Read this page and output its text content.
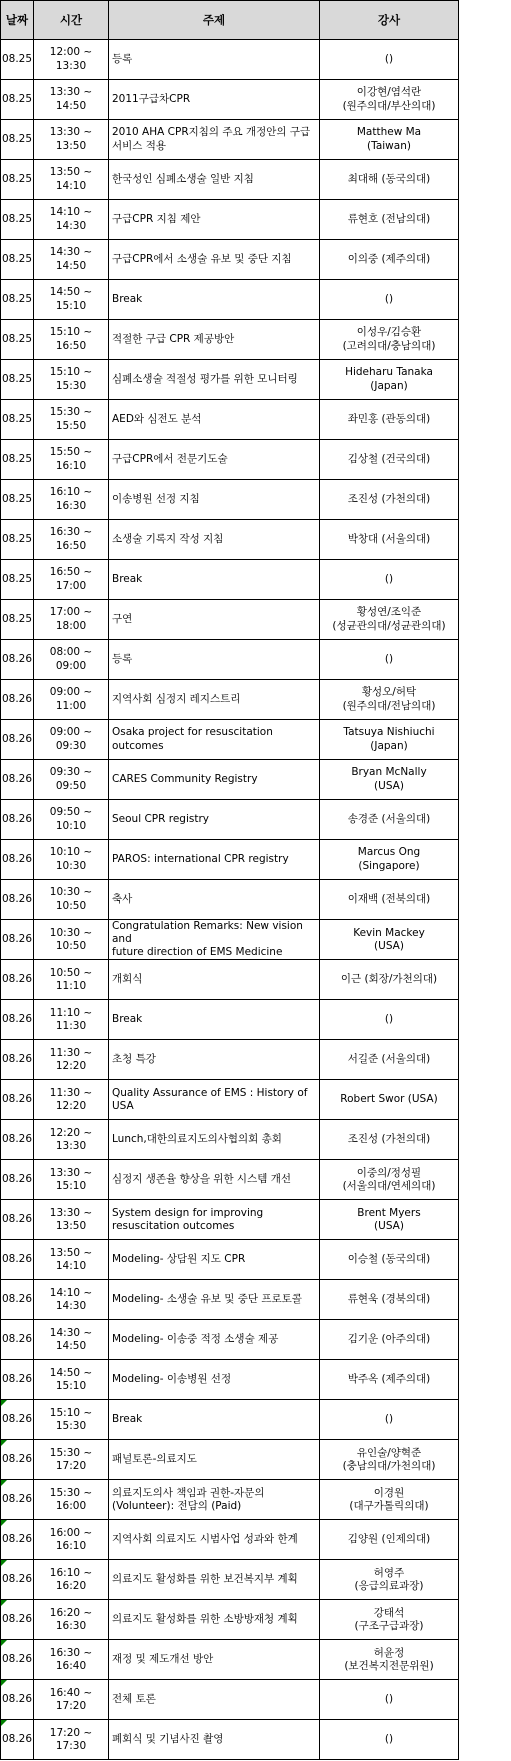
날짜	시간	주제	강사
08.25	12:00 ~ 13:30	등록	()
08.25	13:30 ~ 14:50	2011구급차CPR	이강현/염석란
(원주의대/부산의대)
08.25	13:30 ~ 13:50	2010 AHA CPR지침의 주요 개정안의 구급
서비스 적용	Matthew Ma
(Taiwan)
08.25	13:50 ~ 14:10	한국성인 심폐소생술 일반 지침	최대해 (동국의대)
08.25	14:10 ~ 14:30	구급CPR 지침 제안	류현호 (전남의대)
08.25	14:30 ~ 14:50	구급CPR에서 소생술 유보 및 중단 지침	이의중 (제주의대)
08.25	14:50 ~ 15:10	Break	()
08.25	15:10 ~ 16:50	적절한 구급 CPR 제공방안	이성우/김승환
(고려의대/충남의대)
08.25	15:10 ~ 15:30	심폐소생술 적절성 평가를 위한 모니터링	Hideharu Tanaka
(Japan)
08.25	15:30 ~ 15:50	AED와 심전도 분석	좌민홍 (관동의대)
08.25	15:50 ~ 16:10	구급CPR에서 전문기도술	김상철 (건국의대)
08.25	16:10 ~ 16:30	이송병원 선정 지침	조진성 (가천의대)
08.25	16:30 ~ 16:50	소생술 기록지 작성 지침	박창대 (서울의대)
08.25	16:50 ~ 17:00	Break	()
08.25	17:00 ~ 18:00	구연	황성연/조익준
(성균관의대/성균관의대)
08.26	08:00 ~ 09:00	등록	()
08.26	09:00 ~ 11:00	지역사회 심정지 레지스트리	황성오/허탁
(원주의대/전남의대)
08.26	09:00 ~ 09:30	Osaka project for resuscitation outcomes	Tatsuya Nishiuchi
(Japan)
08.26	09:30 ~ 09:50	CARES Community Registry	Bryan McNally
(USA)
08.26	09:50 ~ 10:10	Seoul CPR registry	송경준 (서울의대)
08.26	10:10 ~ 10:30	PAROS: international CPR registry	Marcus Ong
(Singapore)
08.26	10:30 ~ 10:50	축사	이재백 (전북의대)
08.26	10:30 ~ 10:50	Congratulation Remarks: New vision and
future direction of EMS Medicine	Kevin Mackey
(USA)
08.26	10:50 ~ 11:10	개회식	이근 (회장/가천의대)
08.26	11:10 ~ 11:30	Break	()
08.26	11:30 ~ 12:20	초청 특강	서길준 (서울의대)
08.26	11:30 ~ 12:20	Quality Assurance of EMS : History of
USA	Robert Swor (USA)
08.26	12:20 ~ 13:30	Lunch,대한의료지도의사협의회 총회	조진성 (가천의대)
08.26	13:30 ~ 15:10	심정지 생존율 향상을 위한 시스템 개선	이중의/정성필
(서울의대/연세의대)
08.26	13:30 ~ 13:50	System design for improving
resuscitation outcomes	Brent Myers
(USA)
08.26	13:50 ~ 14:10	Modeling- 상담원 지도 CPR	이승철 (동국의대)
08.26	14:10 ~ 14:30	Modeling- 소생술 유보 및 중단 프로토콜	류현욱 (경북의대)
08.26	14:30 ~ 14:50	Modeling- 이송중 적정 소생술 제공	김기운 (아주의대)
08.26	14:50 ~ 15:10	Modeling- 이송병원 선정	박주옥 (제주의대)

08.26	15:10 ~ 15:30	Break	()

08.26	15:30 ~ 17:20	패널토론-의료지도	유인술/양혁준
(충남의대/가천의대)

08.26	15:30 ~ 16:00	의료지도의사 책임과 권한-자문의
(Volunteer): 전담의 (Paid)	이경원
(대구가톨릭의대)

08.26	16:00 ~ 16:10	지역사회 의료지도 시범사업 성과와 한계	김양원 (인제의대)

08.26	16:10 ~ 16:20	의료지도 활성화를 위한 보건복지부 계획	허영주
(응급의료과장)

08.26	16:20 ~ 16:30	의료지도 활성화를 위한 소방방재청 계획	강태석
(구조구급과장)

08.26	16:30 ~ 16:40	재정 및 제도개선 방안	허윤정
(보건복지전문위원)

08.26	16:40 ~ 17:20	전체 토론	()

08.26	17:20 ~ 17:30	폐회식 및 기념사진 촬영	()
